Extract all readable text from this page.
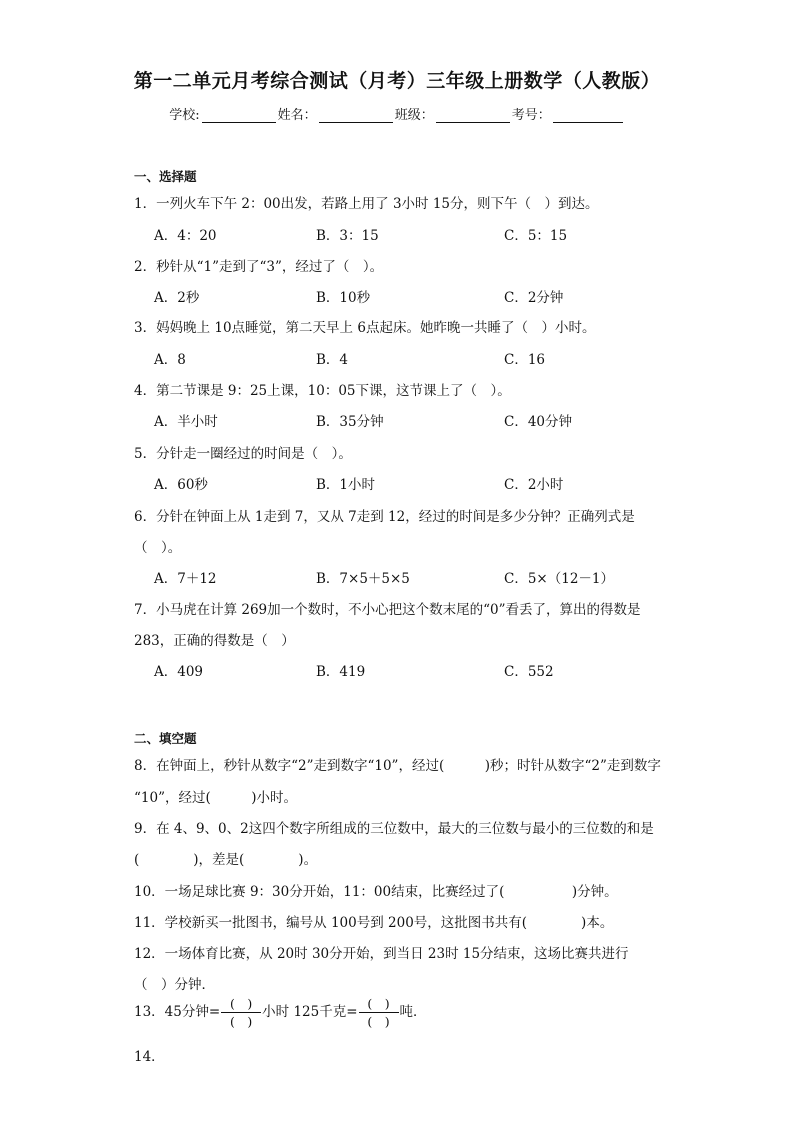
第一二单元月考综合测试（月考）三年级上册数学（人教版）
学校:	姓名：	班级：	考号：
一、选择题
1．一列火车下午 2：00出发，若路上用了 3小时 15分，则下午（　）到达。
A．4：20	B．3：15	C．5：15
2．秒针从“1”走到了“3”，经过了（　）。
A．2秒	B．10秒	C．2分钟
3．妈妈晚上 10点睡觉，第二天早上 6点起床。她昨晚一共睡了（　）小时。
A．8	B．4	C．16
4．第二节课是 9：25上课，10：05下课，这节课上了（　）。
A．半小时	B．35分钟	C．40分钟
5．分针走一圈经过的时间是（　）。
A．60秒	B．1小时	C．2小时
6．分针在钟面上从 1走到 7，又从 7走到 12，经过的时间是多少分钟？正确列式是
（　）。
A．7＋12	B．7×5＋5×5	C．5×（12－1）
7．小马虎在计算 269加一个数时，不小心把这个数末尾的“0”看丢了，算出的得数是
283，正确的得数是（　）
A．409	B．419	C．552
二、填空题
8．在钟面上，秒针从数字“2”走到数字“10”，经过(　　　)秒；时针从数字“2”走到数字
“10”，经过(　　　)小时。
9．在 4、9、0、2这四个数字所组成的三位数中，最大的三位数与最小的三位数的和是
(　　　　)，差是(　　　　)。
10．一场足球比赛 9：30分开始，11：00结束，比赛经过了(　　　　　)分钟。
11．学校新买一批图书，编号从 100号到 200号，这批图书共有(　　　　)本。
12．一场体育比赛，从 20时 30分开始，到当日 23时 15分结束，这场比赛共进行
（　）分钟．
13．45分钟= $\frac{( )}{( )}$ 小时 125千克= $\frac{( )}{( )}$ 吨．
14．
